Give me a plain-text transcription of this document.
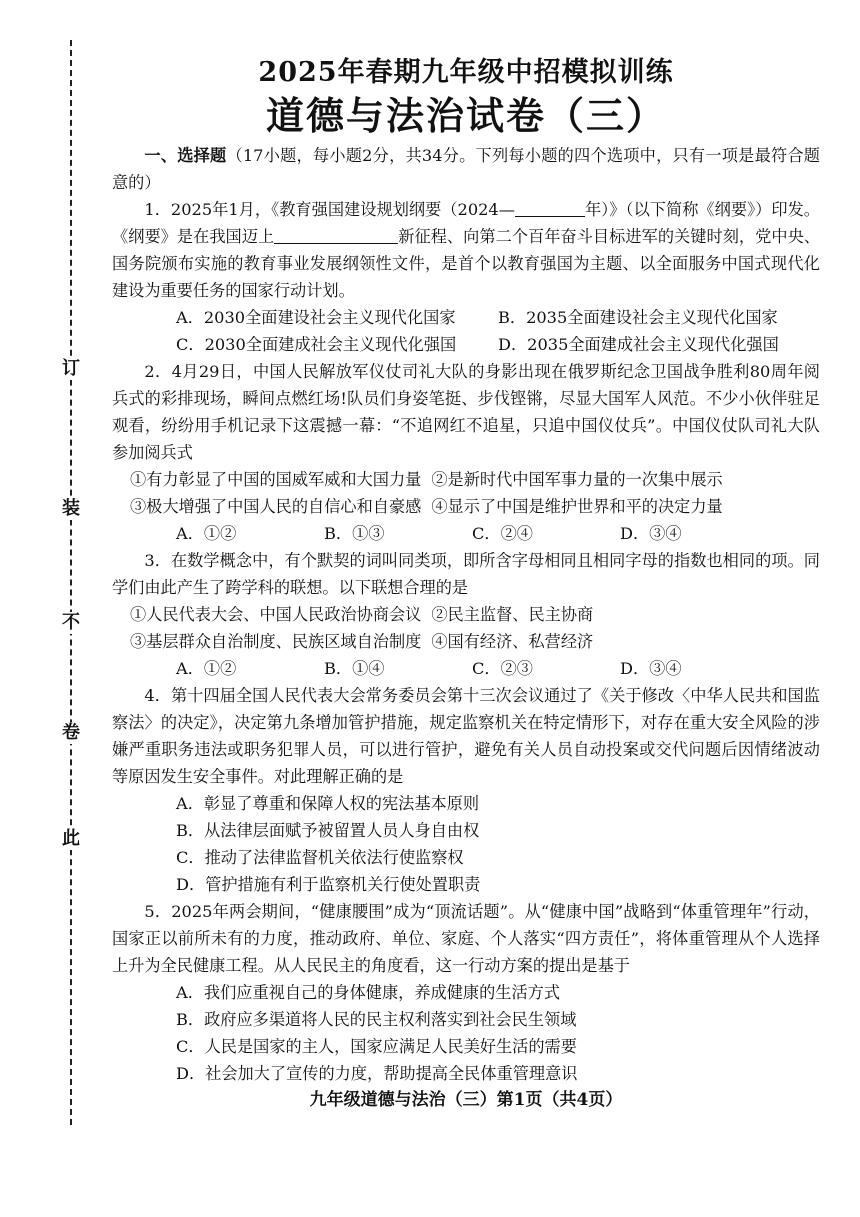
订
装
不
卷
此
2025年春期九年级中招模拟训练
道德与法治试卷（三）

一、选择题（17小题，每小题2分，共34分。下列每小题的四个选项中，只有一项是最符合题意的）

1．2025年1月，《教育强国建设规划纲要（2024—	年）》（以下简称《纲要》）印发。《纲要》是在我国迈上	新征程、向第二个百年奋斗目标进军的关键时刻，党中央、国务院颁布实施的教育事业发展纲领性文件，是首个以教育强国为主题、以全面服务中国式现代化建设为重要任务的国家行动计划。

A．2030全面建设社会主义现代化国家	B．2035全面建设社会主义现代化国家
C．2030全面建成社会主义现代化强国	D．2035全面建成社会主义现代化强国

2．4月29日，中国人民解放军仪仗司礼大队的身影出现在俄罗斯纪念卫国战争胜利80周年阅兵式的彩排现场，瞬间点燃红场!队员们身姿笔挺、步伐铿锵，尽显大国军人风范。不少小伙伴驻足观看，纷纷用手机记录下这震撼一幕：“不追网红不追星，只追中国仪仗兵”。中国仪仗队司礼大队参加阅兵式

①有力彰显了中国的国威军威和大国力量 ②是新时代中国军事力量的一次集中展示
③极大增强了中国人民的自信心和自豪感 ④显示了中国是维护世界和平的决定力量
A．①②	B．①③	C．②④	D．③④

3．在数学概念中，有个默契的词叫同类项，即所含字母相同且相同字母的指数也相同的项。同学们由此产生了跨学科的联想。以下联想合理的是

①人民代表大会、中国人民政治协商会议 ②民主监督、民主协商
③基层群众自治制度、民族区域自治制度 ④国有经济、私营经济
A．①②	B．①④	C．②③	D．③④

4．第十四届全国人民代表大会常务委员会第十三次会议通过了《关于修改〈中华人民共和国监察法〉的决定》，决定第九条增加管护措施，规定监察机关在特定情形下，对存在重大安全风险的涉嫌严重职务违法或职务犯罪人员，可以进行管护，避免有关人员自动投案或交代问题后因情绪波动等原因发生安全事件。对此理解正确的是

A．彰显了尊重和保障人权的宪法基本原则

B．从法律层面赋予被留置人员人身自由权

C．推动了法律监督机关依法行使监察权

D．管护措施有利于监察机关行使处置职责

5．2025年两会期间，“健康腰围”成为“顶流话题”。从“健康中国”战略到“体重管理年”行动，国家正以前所未有的力度，推动政府、单位、家庭、个人落实“四方责任”，将体重管理从个人选择上升为全民健康工程。从人民民主的角度看，这一行动方案的提出是基于

A．我们应重视自己的身体健康，养成健康的生活方式

B．政府应多渠道将人民的民主权利落实到社会民生领域

C．人民是国家的主人，国家应满足人民美好生活的需要

D．社会加大了宣传的力度，帮助提高全民体重管理意识

九年级道德与法治（三）第1页（共4页）
